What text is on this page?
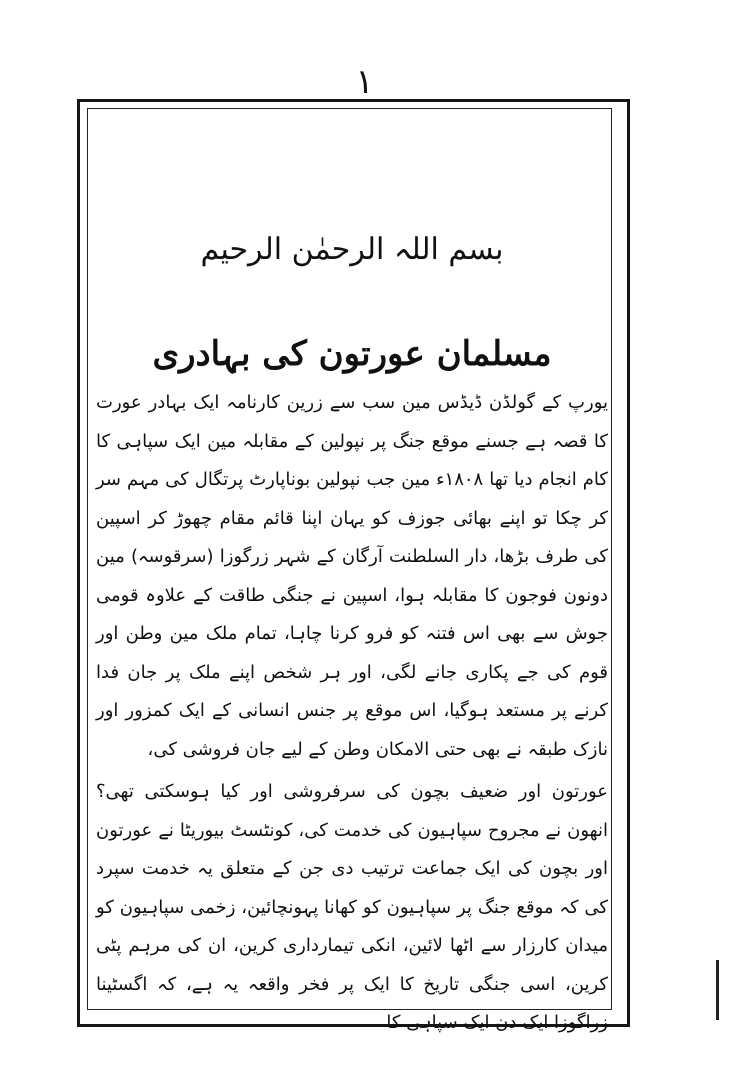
۱
بسم اللہ الرحمٰن الرحیم
مسلمان عورتون کی بہادری

یورپ کے گولڈن ڈیڈس مین سب سے زرین کارنامہ ایک بہادر عورت کا قصہ ہے جسنے موقع جنگ پر نپولین کے مقابلہ مین ایک سپاہی کا کام انجام دیا تھا ۱۸۰۸ء مین جب نپولین بوناپارٹ پرتگال کی مہم سر کر چکا تو اپنے بھائی جوزف کو یہان اپنا قائم مقام چھوڑ کر اسپین کی طرف بڑھا، دار السلطنت آرگان کے شہر زرگوزا (سرقوسہ) مین دونون فوجون کا مقابلہ ہوا، اسپین نے جنگی طاقت کے علاوہ قومی جوش سے بھی اس فتنہ کو فرو کرنا چاہا، تمام ملک مین وطن اور قوم کی جے پکاری جانے لگی، اور ہر شخص اپنے ملک پر جان فدا کرنے پر مستعد ہوگیا، اس موقع پر جنس انسانی کے ایک کمزور اور نازک طبقہ نے بھی حتی الامکان وطن کے لیے جان فروشی کی،

عورتون اور ضعیف بچون کی سرفروشی اور کیا ہوسکتی تھی؟ انھون نے مجروح سپاہیون کی خدمت کی، کونٹسٹ بیوریٹا نے عورتون اور بچون کی ایک جماعت ترتیب دی جن کے متعلق یہ خدمت سپرد کی کہ موقع جنگ پر سپاہیون کو کھانا پہونچائین، زخمی سپاہیون کو میدان کارزار سے اٹھا لائین، انکی تیمارداری کرین، ان کی مرہم پٹی کرین، اسی جنگی تاریخ کا ایک پر فخر واقعہ یہ ہے، کہ اگسٹینا زراگوزا ایک دن ایک سپاہی کا
